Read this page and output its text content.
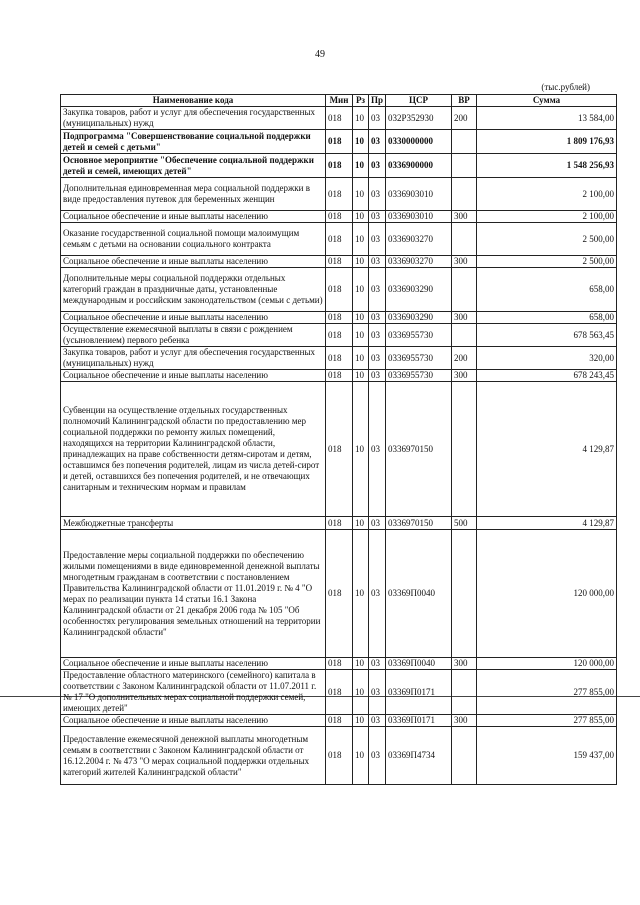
49
(тыс.рублей)
Наименование кода	Мин	Рз	Пр	ЦСР	ВР	Сумма
Закупка товаров, работ и услуг для обеспечения государственных (муниципальных) нужд	018	10	03	032Р352930	200	13 584,00
Подпрограмма "Совершенствование социальной поддержки детей и семей с детьми"	018	10	03	0330000000		1 809 176,93
Основное мероприятие "Обеспечение социальной поддержки детей и семей, имеющих детей"	018	10	03	0336900000		1 548 256,93
Дополнительная единовременная мера социальной поддержки в виде предоставления путевок для беременных женщин	018	10	03	0336903010		2 100,00
Социальное обеспечение и иные выплаты населению	018	10	03	0336903010	300	2 100,00
Оказание государственной социальной помощи малоимущим семьям с детьми на основании социального контракта	018	10	03	0336903270		2 500,00
Социальное обеспечение и иные выплаты населению	018	10	03	0336903270	300	2 500,00
Дополнительные меры социальной поддержки отдельных категорий граждан в праздничные даты, установленные международным и российским законодательством (семьи с детьми)	018	10	03	0336903290		658,00
Социальное обеспечение и иные выплаты населению	018	10	03	0336903290	300	658,00
Осуществление ежемесячной выплаты в связи с рождением (усыновлением) первого ребенка	018	10	03	0336955730		678 563,45
Закупка товаров, работ и услуг для обеспечения государственных (муниципальных) нужд	018	10	03	0336955730	200	320,00
Социальное обеспечение и иные выплаты населению	018	10	03	0336955730	300	678 243,45
Субвенции на осуществление отдельных государственных полномочий Калининградской области по предоставлению мер социальной поддержки по ремонту жилых помещений, находящихся на территории Калининградской области, принадлежащих на праве собственности детям-сиротам и детям, оставшимся без попечения родителей, лицам из числа детей-сирот и детей, оставшихся без попечения родителей, и не отвечающих санитарным и техническим нормам и правилам	018	10	03	0336970150		4 129,87
Межбюджетные трансферты	018	10	03	0336970150	500	4 129,87
Предоставление меры социальной поддержки по обеспечению жилыми помещениями в виде единовременной денежной выплаты многодетным гражданам в соответствии с постановлением Правительства Калининградской области от 11.01.2019 г. № 4 "О мерах по реализации пункта 14 статьи 16.1 Закона Калининградской области от 21 декабря 2006 года № 105 "Об особенностях регулирования земельных отношений на территории Калининградской области"	018	10	03	03369П0040		120 000,00
Социальное обеспечение и иные выплаты населению	018	10	03	03369П0040	300	120 000,00
Предоставление областного материнского (семейного) капитала в соответствии с Законом Калининградской области от 11.07.2011 г. № 17 "О дополнительных мерах социальной поддержки семей, имеющих детей"	018	10	03	03369П0171		277 855,00
Социальное обеспечение и иные выплаты населению	018	10	03	03369П0171	300	277 855,00
Предоставление ежемесячной денежной выплаты многодетным семьям в соответствии с Законом Калининградской области от 16.12.2004 г. № 473 "О мерах социальной поддержки отдельных категорий жителей Калининградской области"	018	10	03	03369П4734		159 437,00
